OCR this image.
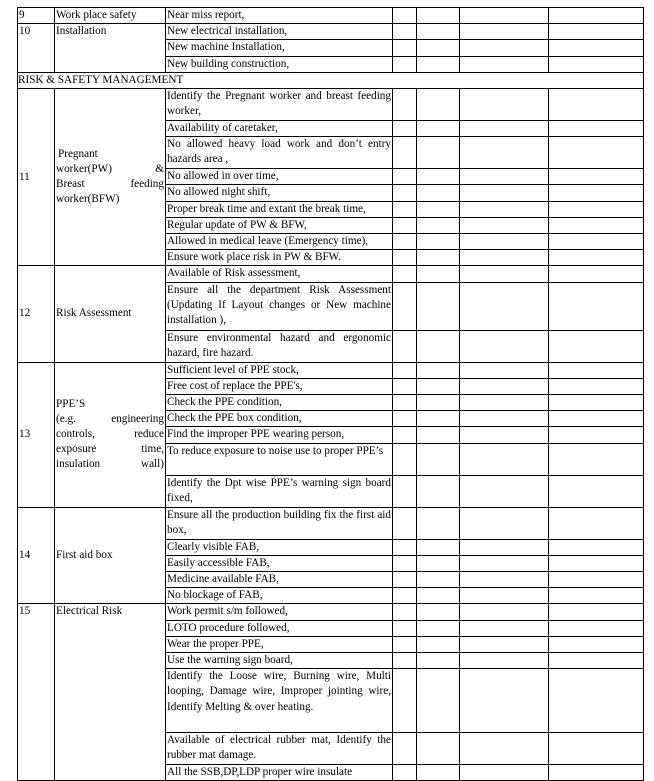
9	Work place safety	Near miss report,				
10	Installation	New electrical installation,				
		New machine Installation,				
		New building construction,				
RISK & SAFETY MANAGEMENT						
11	Pregnant
worker(PW) &
Breast feeding
worker(BFW)	Identify the Pregnant worker and breast feeding worker,				
		Availability of caretaker,				
		No allowed heavy load work and don’t entry hazards area ,				
		No allowed in over time,				
		No allowed night shift,				
		Proper break time and extant the break time,				
		Regular update of PW & BFW,				
		Allowed in medical leave (Emergency time),				
		Ensure work place risk in PW & BFW.				
12	Risk Assessment	Available of Risk assessment,				
		Ensure all the department Risk Assessment (Updating If Layout changes or New machine installation ),				
		Ensure environmental hazard and ergonomic hazard, fire hazard.				
13	PPE’S
(e.g. engineering
controls, reduce
exposure time,
insulation wall)	Sufficient level of PPE stock,				
		Free cost of replace the PPE's,				
		Check the PPE condition,				
		Check the PPE box condition,				
		Find the improper PPE wearing person,				
		To reduce exposure to noise use to proper PPE’s				
		Identify the Dpt wise PPE’s warning sign board fixed,				
14	First aid box	Ensure all the production building fix the first aid box,				
		Clearly visible FAB,				
		Easily accessible FAB,				
		Medicine available FAB,				
		No blockage of FAB,				
15	Electrical Risk	Work permit s/m followed,				
		LOTO procedure followed,				
		Wear the proper PPE,				
		Use the warning sign board,				
		Identify the Loose wire, Burning wire, Multi looping, Damage wire, Improper jointing wire, Identify Melting & over heating.				
		Available of electrical rubber mat, Identify the rubber mat damage.				
		All the SSB,DP,LDP proper wire insulate				
